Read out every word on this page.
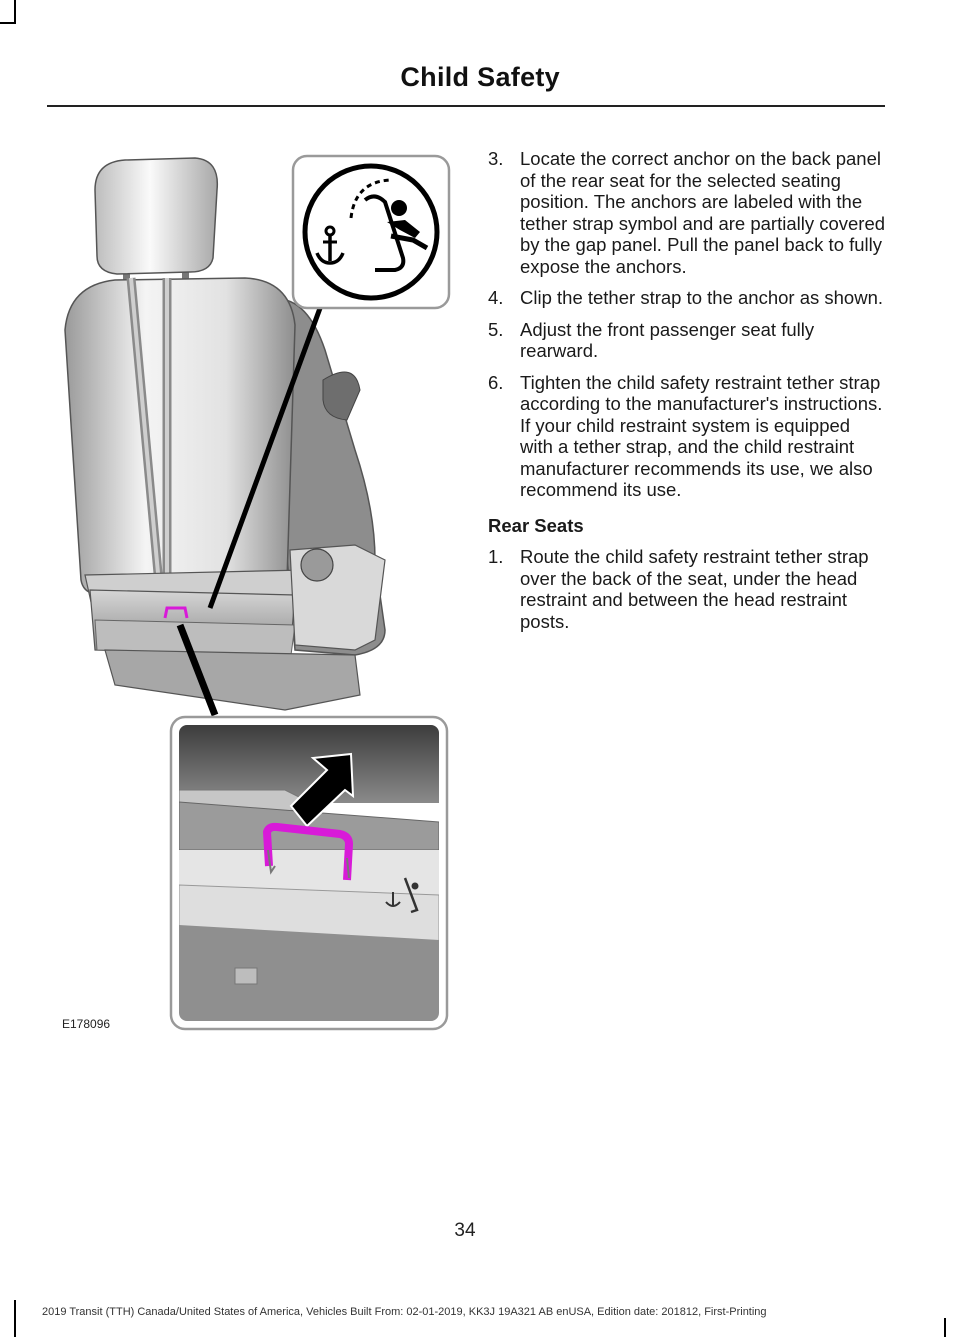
Child Safety
E178096
3. Locate the correct anchor on the back panel of the rear seat for the selected seating position. The anchors are labeled with the tether strap symbol and are partially covered by the gap panel. Pull the panel back to fully expose the anchors.
4. Clip the tether strap to the anchor as shown.
5. Adjust the front passenger seat fully rearward.
6. Tighten the child safety restraint tether strap according to the manufacturer's instructions. If your child restraint system is equipped with a tether strap, and the child restraint manufacturer recommends its use, we also recommend its use.
Rear Seats
1. Route the child safety restraint tether strap over the back of the seat, under the head restraint and between the head restraint posts.
34
2019 Transit (TTH) Canada/United States of America, Vehicles Built From: 02-01-2019, KK3J 19A321 AB enUSA, Edition date: 201812, First-Printing
